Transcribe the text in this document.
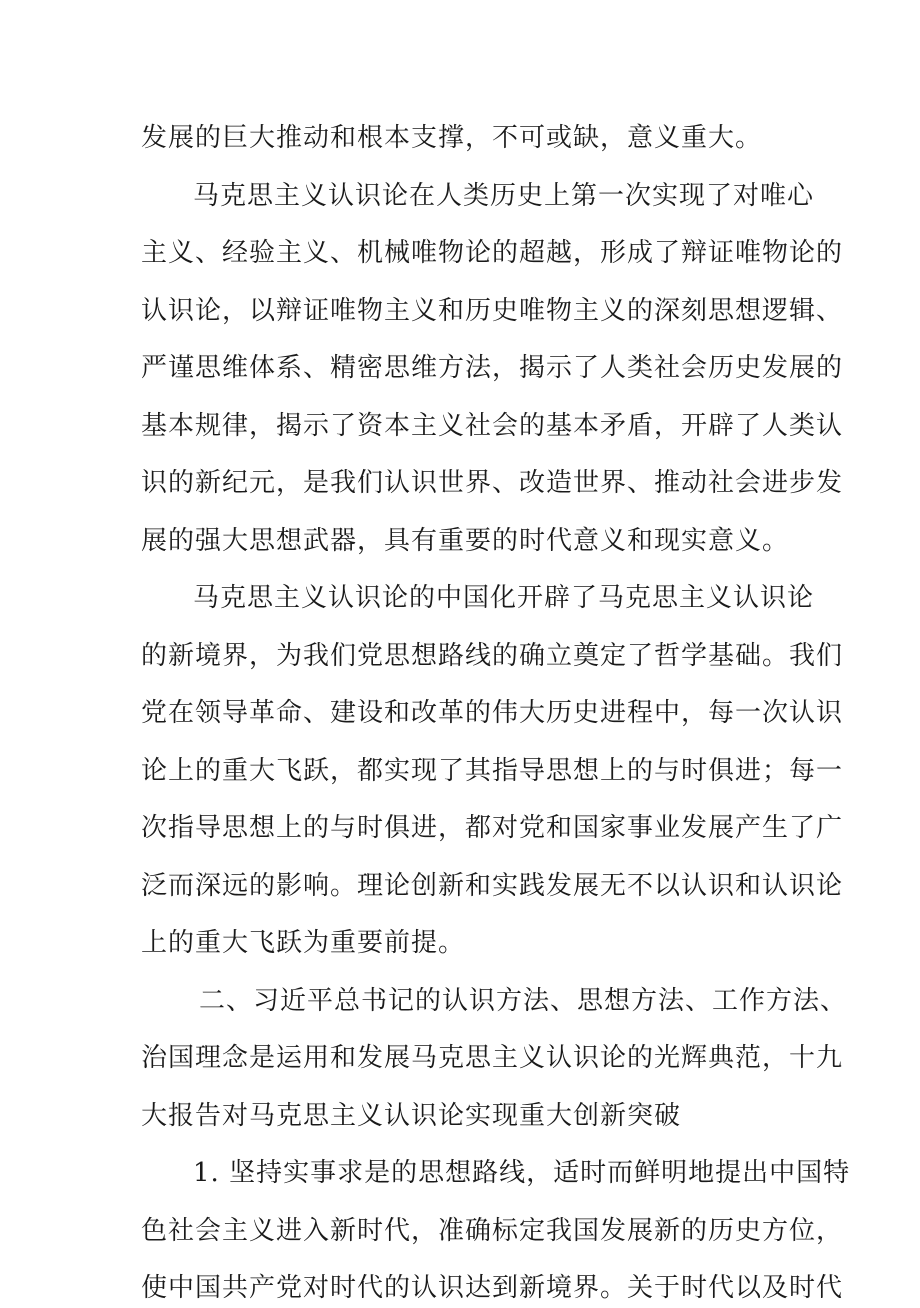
发展的巨大推动和根本支撑，不可或缺，意义重大。
马克思主义认识论在人类历史上第一次实现了对唯心
主义、经验主义、机械唯物论的超越，形成了辩证唯物论的
认识论，以辩证唯物主义和历史唯物主义的深刻思想逻辑、
严谨思维体系、精密思维方法，揭示了人类社会历史发展的
基本规律，揭示了资本主义社会的基本矛盾，开辟了人类认
识的新纪元，是我们认识世界、改造世界、推动社会进步发
展的强大思想武器，具有重要的时代意义和现实意义。
马克思主义认识论的中国化开辟了马克思主义认识论
的新境界，为我们党思想路线的确立奠定了哲学基础。我们
党在领导革命、建设和改革的伟大历史进程中，每一次认识
论上的重大飞跃，都实现了其指导思想上的与时俱进；每一
次指导思想上的与时俱进，都对党和国家事业发展产生了广
泛而深远的影响。理论创新和实践发展无不以认识和认识论
上的重大飞跃为重要前提。
二、习近平总书记的认识方法、思想方法、工作方法、
治国理念是运用和发展马克思主义认识论的光辉典范，十九
大报告对马克思主义认识论实现重大创新突破
1. 坚持实事求是的思想路线，适时而鲜明地提出中国特
色社会主义进入新时代，准确标定我国发展新的历史方位，
使中国共产党对时代的认识达到新境界。关于时代以及时代
